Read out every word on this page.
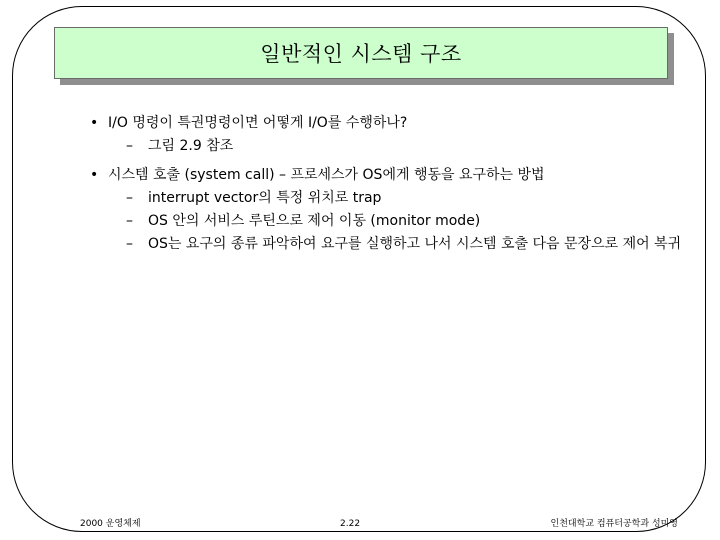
일반적인 시스템 구조
• I/O 명령이 특권명령이면 어떻게 I/O를 수행하나?
– 그림 2.9 참조
• 시스템 호출 (system call) – 프로세스가 OS에게 행동을 요구하는 방법
– interrupt vector의 특정 위치로 trap
– OS 안의 서비스 루틴으로 제어 이동 (monitor mode)
– OS는 요구의 종류 파악하여 요구를 실행하고 나서 시스템 호출 다음 문장으로 제어 복귀
2000 운영체제	2.22	인천대학교 컴퓨터공학과 성미영
